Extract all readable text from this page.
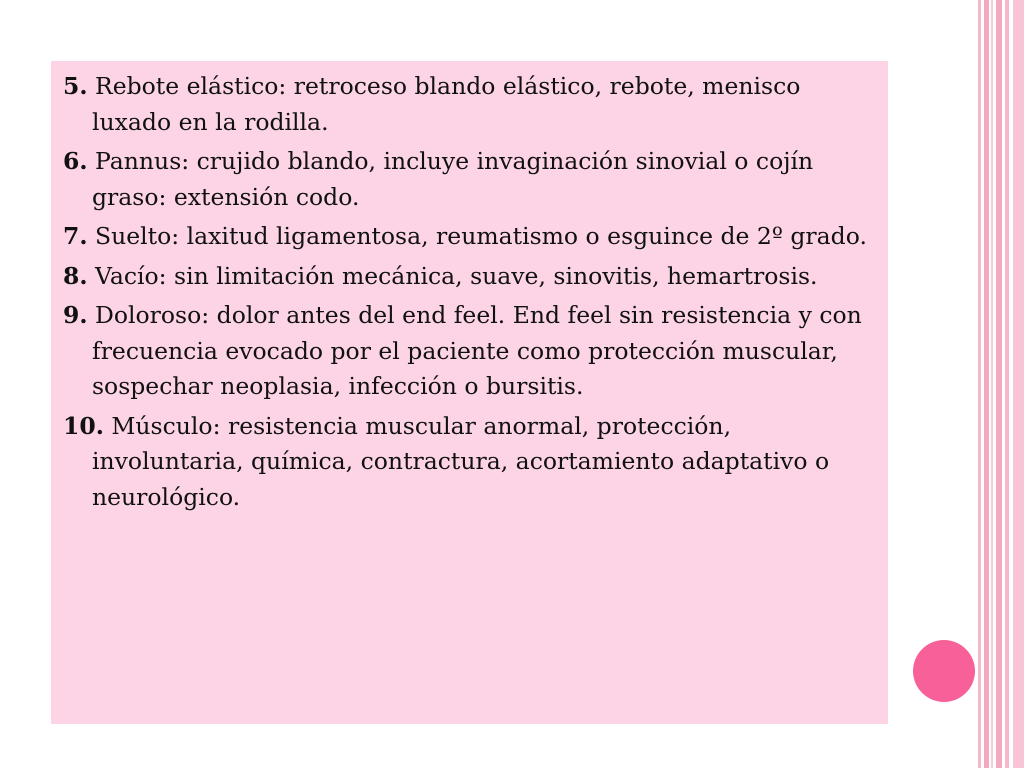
5. Rebote elástico: retroceso blando elástico, rebote, menisco luxado en la rodilla.
6. Pannus: crujido blando, incluye invaginación sinovial o cojín graso: extensión codo.
7. Suelto: laxitud ligamentosa, reumatismo o esguince de 2º grado.
8. Vacío: sin limitación mecánica, suave, sinovitis, hemartrosis.
9. Doloroso: dolor antes del end feel. End feel sin resistencia y con frecuencia evocado por el paciente como protección muscular, sospechar neoplasia, infección o bursitis.
10. Músculo: resistencia muscular anormal, protección, involuntaria, química, contractura, acortamiento adaptativo o neurológico.
